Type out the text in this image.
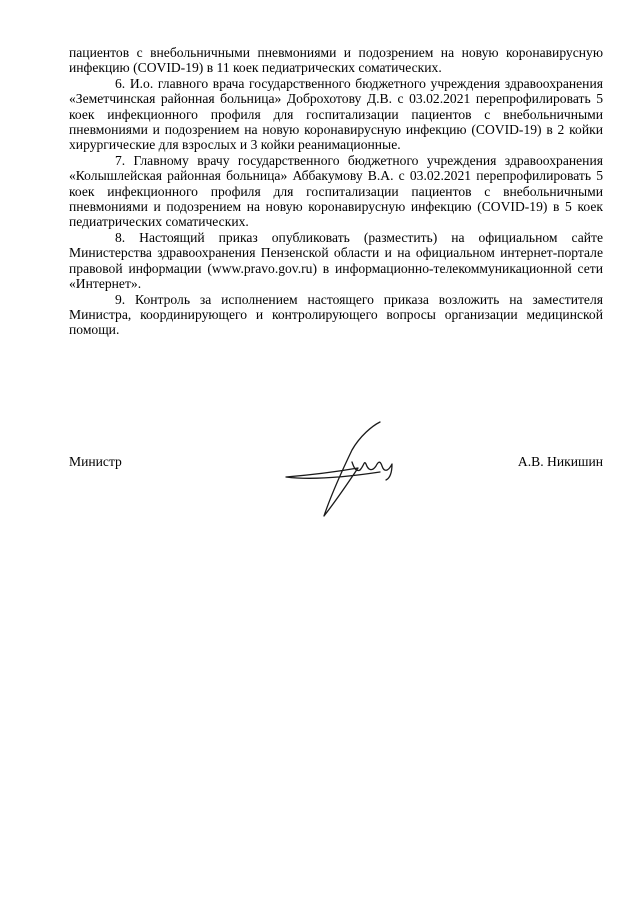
пациентов с внебольничными пневмониями и подозрением на новую коронавирусную инфекцию (COVID-19) в 11 коек педиатрических соматических.

6. И.о. главного врача государственного бюджетного учреждения здравоохранения «Земетчинская районная больница» Доброхотову Д.В. с 03.02.2021 перепрофилировать 5 коек инфекционного профиля для госпитализации пациентов с внебольничными пневмониями и подозрением на новую коронавирусную инфекцию (COVID-19) в 2 койки хирургические для взрослых и 3 койки реанимационные.

7. Главному врачу государственного бюджетного учреждения здравоохранения «Колышлейская районная больница» Аббакумову В.А. с 03.02.2021 перепрофилировать 5 коек инфекционного профиля для госпитализации пациентов с внебольничными пневмониями и подозрением на новую коронавирусную инфекцию (COVID-19) в 5 коек педиатрических соматических.

8. Настоящий приказ опубликовать (разместить) на официальном сайте Министерства здравоохранения Пензенской области и на официальном интернет-портале правовой информации (www.pravo.gov.ru) в информационно-телекоммуникационной сети «Интернет».

9. Контроль за исполнением настоящего приказа возложить на заместителя Министра, координирующего и контролирующего вопросы организации медицинской помощи.

Министр	А.В. Никишин
